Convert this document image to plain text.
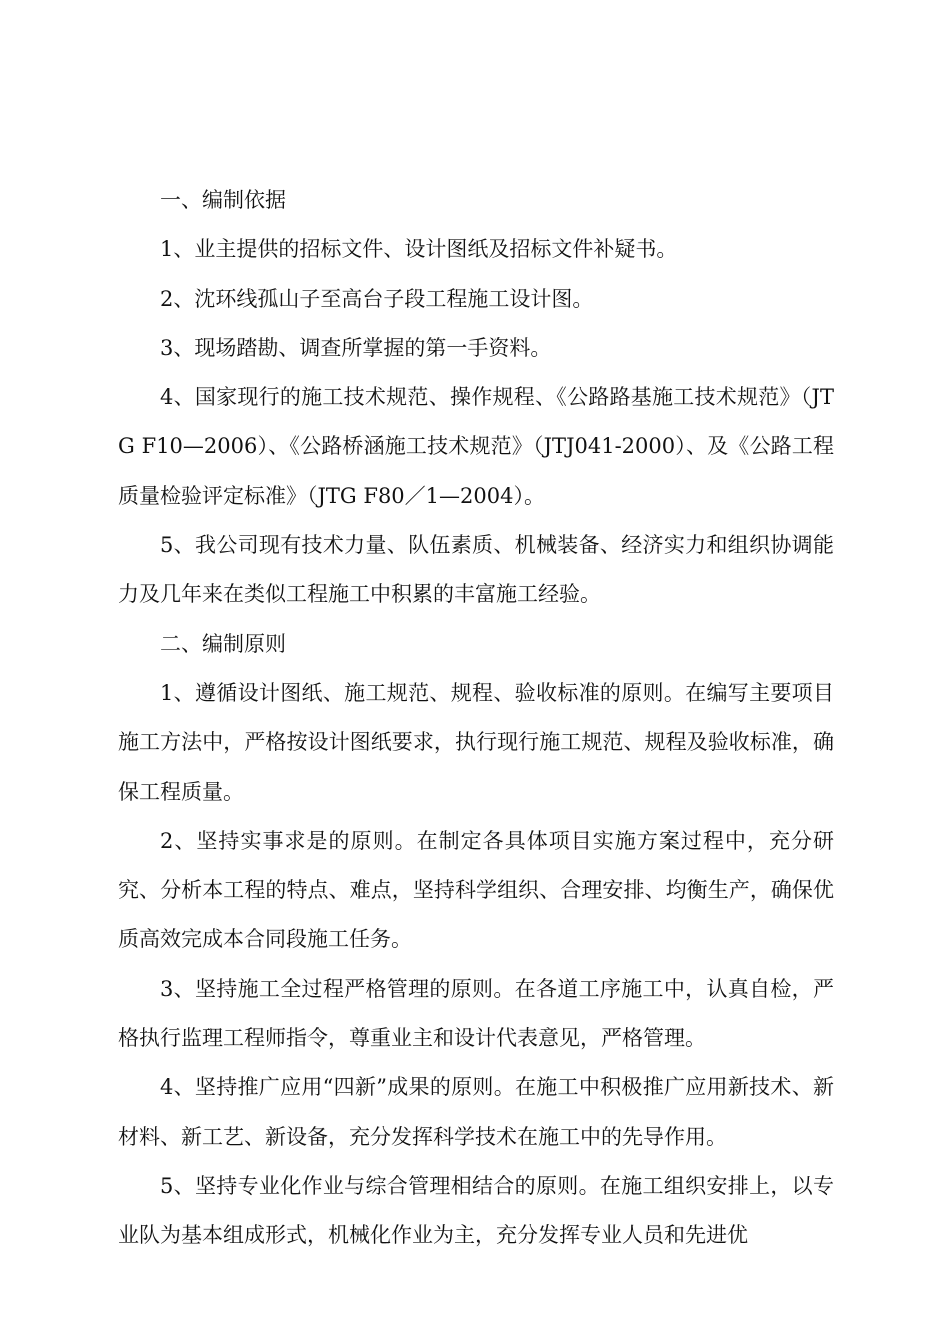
一、编制依据

1、业主提供的招标文件、设计图纸及招标文件补疑书。

2、沈环线孤山子至高台子段工程施工设计图。

3、现场踏勘、调查所掌握的第一手资料。

4、国家现行的施工技术规范、操作规程、《公路路基施工技术规范》（JTG F10—2006）、《公路桥涵施工技术规范》（JTJ041-2000）、及《公路工程质量检验评定标准》（JTG F80／1—2004）。

5、我公司现有技术力量、队伍素质、机械装备、经济实力和组织协调能力及几年来在类似工程施工中积累的丰富施工经验。

二、编制原则

1、遵循设计图纸、施工规范、规程、验收标准的原则。在编写主要项目施工方法中，严格按设计图纸要求，执行现行施工规范、规程及验收标准，确保工程质量。

2、坚持实事求是的原则。在制定各具体项目实施方案过程中，充分研究、分析本工程的特点、难点，坚持科学组织、合理安排、均衡生产，确保优质高效完成本合同段施工任务。

3、坚持施工全过程严格管理的原则。在各道工序施工中，认真自检，严格执行监理工程师指令，尊重业主和设计代表意见，严格管理。

4、坚持推广应用“四新”成果的原则。在施工中积极推广应用新技术、新材料、新工艺、新设备，充分发挥科学技术在施工中的先导作用。

5、坚持专业化作业与综合管理相结合的原则。在施工组织安排上，以专业队为基本组成形式，机械化作业为主，充分发挥专业人员和先进优
